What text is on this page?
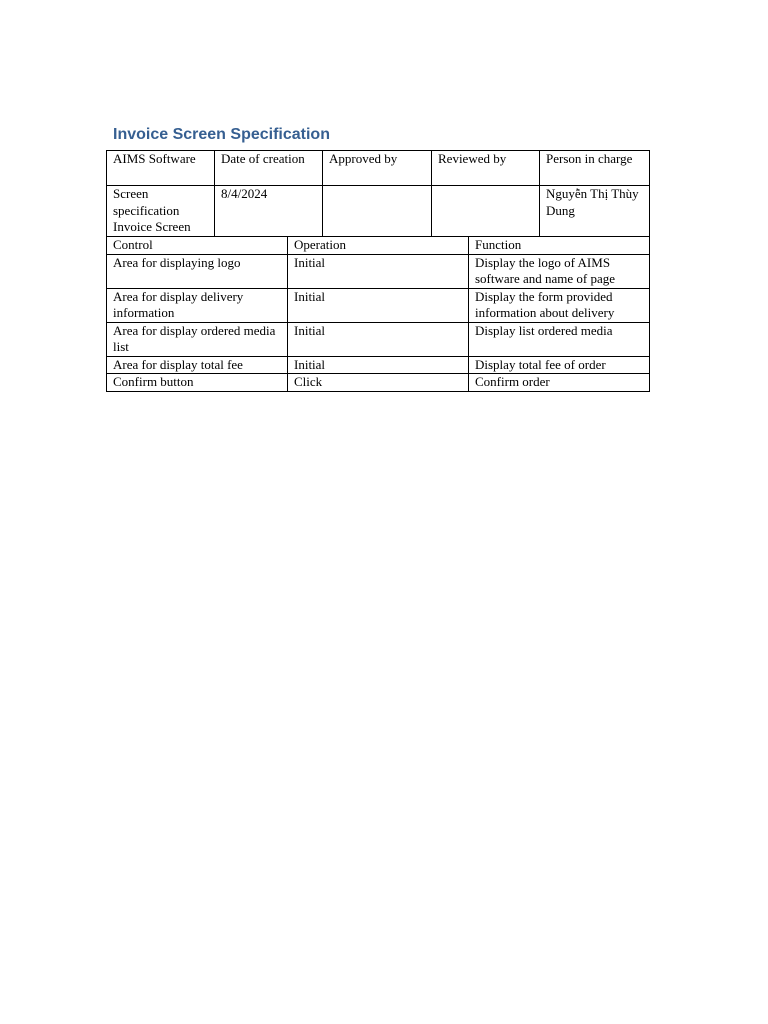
Invoice Screen Specification
AIMS Software	Date of creation	Approved by	Reviewed by	Person in charge
Screen specification Invoice Screen	8/4/2024			Nguyễn Thị Thùy Dung
Control	Operation	Function
Area for displaying logo	Initial	Display the logo of AIMS software and name of page
Area for display delivery information	Initial	Display the form provided information about delivery
Area for display ordered media list	Initial	Display list ordered media
Area for display total fee	Initial	Display total fee of order
Confirm button	Click	Confirm order
